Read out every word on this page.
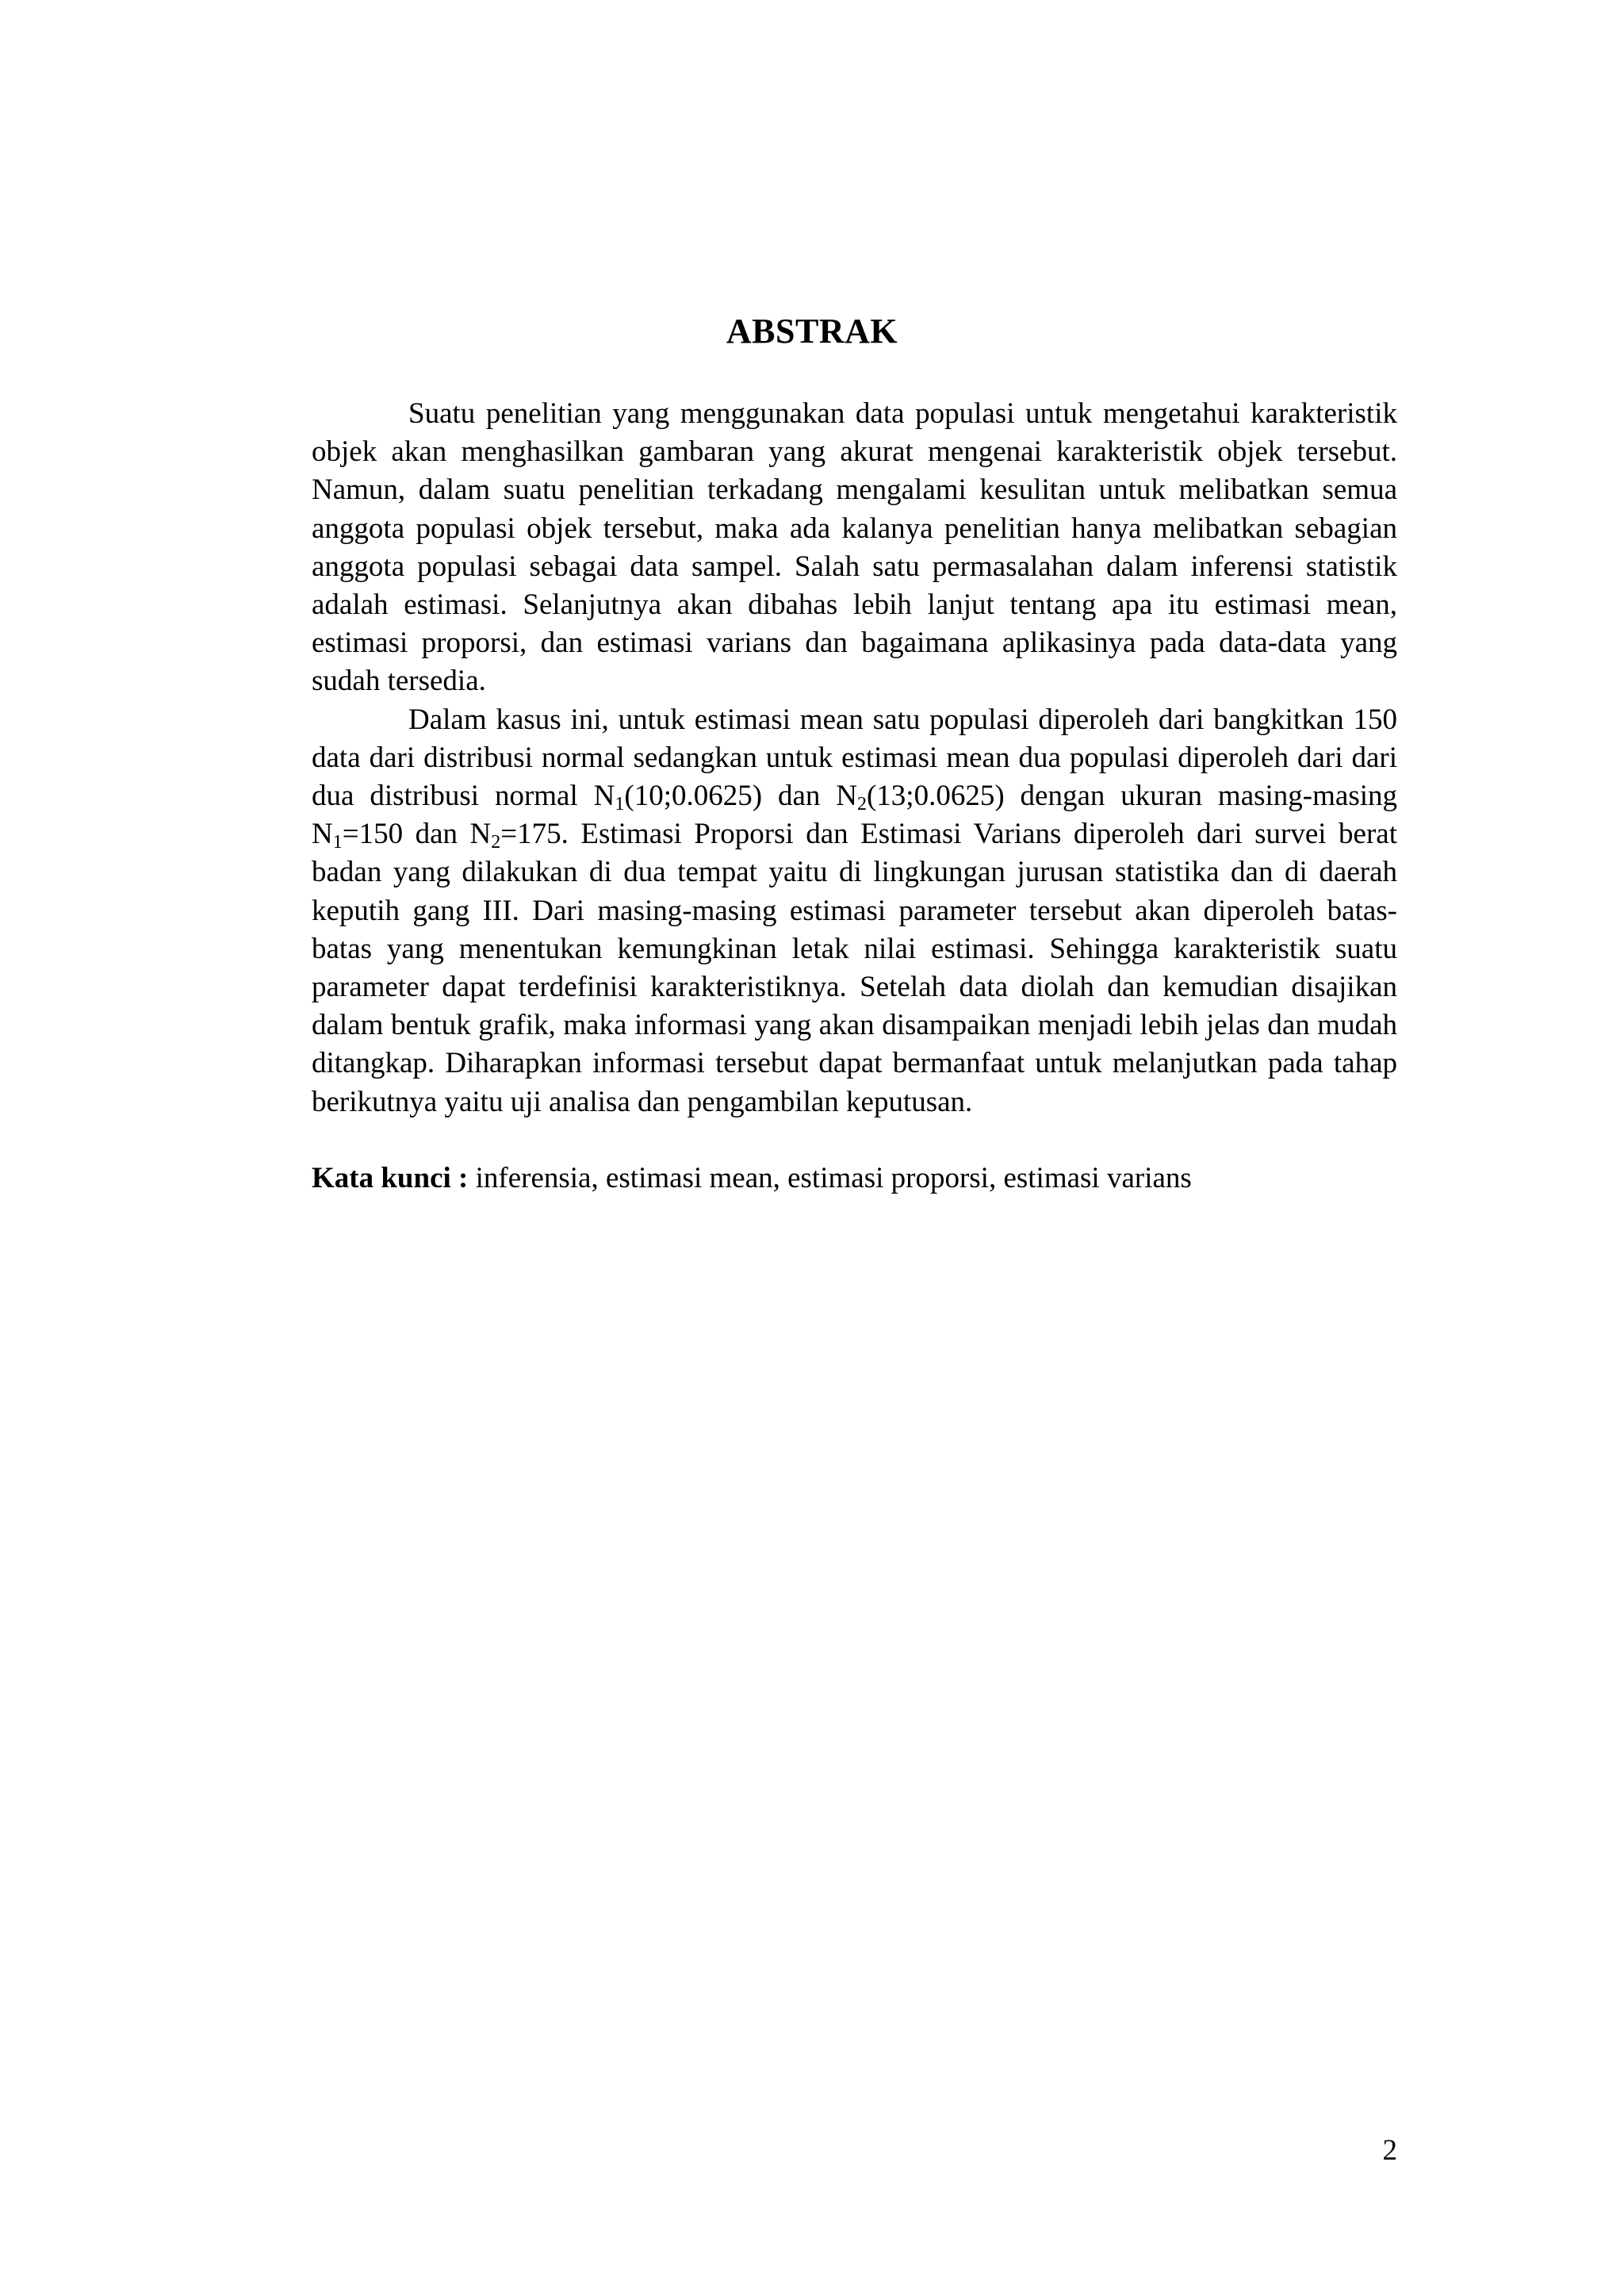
ABSTRAK

Suatu penelitian yang menggunakan data populasi untuk mengetahui karakteristik objek akan menghasilkan gambaran yang akurat mengenai karakteristik objek tersebut. Namun, dalam suatu penelitian terkadang mengalami kesulitan untuk melibatkan semua anggota populasi objek tersebut, maka ada kalanya penelitian hanya melibatkan sebagian anggota populasi sebagai data sampel. Salah satu permasalahan dalam inferensi statistik adalah estimasi. Selanjutnya akan dibahas lebih lanjut tentang apa itu estimasi mean, estimasi proporsi, dan estimasi varians dan bagaimana aplikasinya pada data-data yang sudah tersedia.

Dalam kasus ini, untuk estimasi mean satu populasi diperoleh dari bangkitkan 150 data dari distribusi normal sedangkan untuk estimasi mean dua populasi diperoleh dari dari dua distribusi normal $N_1(10;0.0625)$ dan $N_2(13;0.0625)$ dengan ukuran masing-masing $N_1=150$ dan $N_2=175$. Estimasi Proporsi dan Estimasi Varians diperoleh dari survei berat badan yang dilakukan di dua tempat yaitu di lingkungan jurusan statistika dan di daerah keputih gang III. Dari masing-masing estimasi parameter tersebut akan diperoleh batas-batas yang menentukan kemungkinan letak nilai estimasi. Sehingga karakteristik suatu parameter dapat terdefinisi karakteristiknya. Setelah data diolah dan kemudian disajikan dalam bentuk grafik, maka informasi yang akan disampaikan menjadi lebih jelas dan mudah ditangkap. Diharapkan informasi tersebut dapat bermanfaat untuk melanjutkan pada tahap berikutnya yaitu uji analisa dan pengambilan keputusan.

Kata kunci : inferensia, estimasi mean, estimasi proporsi, estimasi varians

2
